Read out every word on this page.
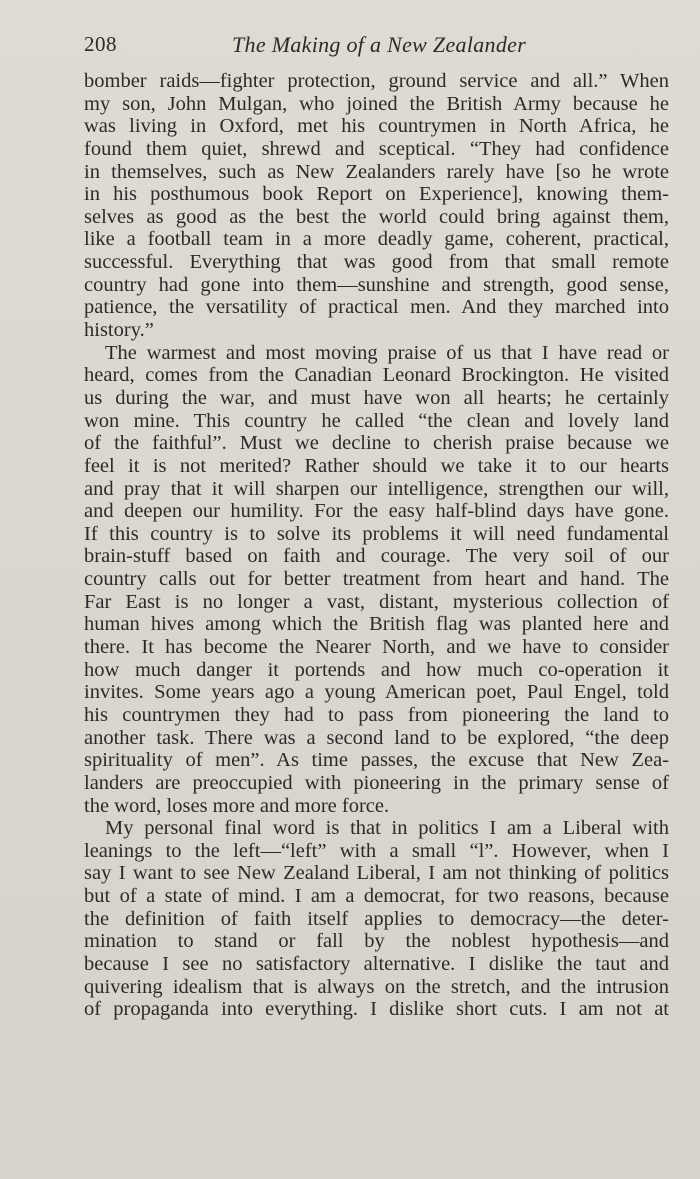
208	The Making of a New Zealander
bomber raids—fighter protection, ground service and all.” When
my son, John Mulgan, who joined the British Army because he
was living in Oxford, met his countrymen in North Africa, he
found them quiet, shrewd and sceptical. “They had confidence
in themselves, such as New Zealanders rarely have [so he wrote
in his posthumous book Report on Experience], knowing them-
selves as good as the best the world could bring against them,
like a football team in a more deadly game, coherent, practical,
successful. Everything that was good from that small remote
country had gone into them—sunshine and strength, good sense,
patience, the versatility of practical men. And they marched into
history.”
The warmest and most moving praise of us that I have read or
heard, comes from the Canadian Leonard Brockington. He visited
us during the war, and must have won all hearts; he certainly
won mine. This country he called “the clean and lovely land
of the faithful”. Must we decline to cherish praise because we
feel it is not merited? Rather should we take it to our hearts
and pray that it will sharpen our intelligence, strengthen our will,
and deepen our humility. For the easy half-blind days have gone.
If this country is to solve its problems it will need fundamental
brain-stuff based on faith and courage. The very soil of our
country calls out for better treatment from heart and hand. The
Far East is no longer a vast, distant, mysterious collection of
human hives among which the British flag was planted here and
there. It has become the Nearer North, and we have to consider
how much danger it portends and how much co-operation it
invites. Some years ago a young American poet, Paul Engel, told
his countrymen they had to pass from pioneering the land to
another task. There was a second land to be explored, “the deep
spirituality of men”. As time passes, the excuse that New Zea-
landers are preoccupied with pioneering in the primary sense of
the word, loses more and more force.
My personal final word is that in politics I am a Liberal with
leanings to the left—“left” with a small “l”. However, when I
say I want to see New Zealand Liberal, I am not thinking of politics
but of a state of mind. I am a democrat, for two reasons, because
the definition of faith itself applies to democracy—the deter-
mination to stand or fall by the noblest hypothesis—and
because I see no satisfactory alternative. I dislike the taut and
quivering idealism that is always on the stretch, and the intrusion
of propaganda into everything. I dislike short cuts. I am not at
